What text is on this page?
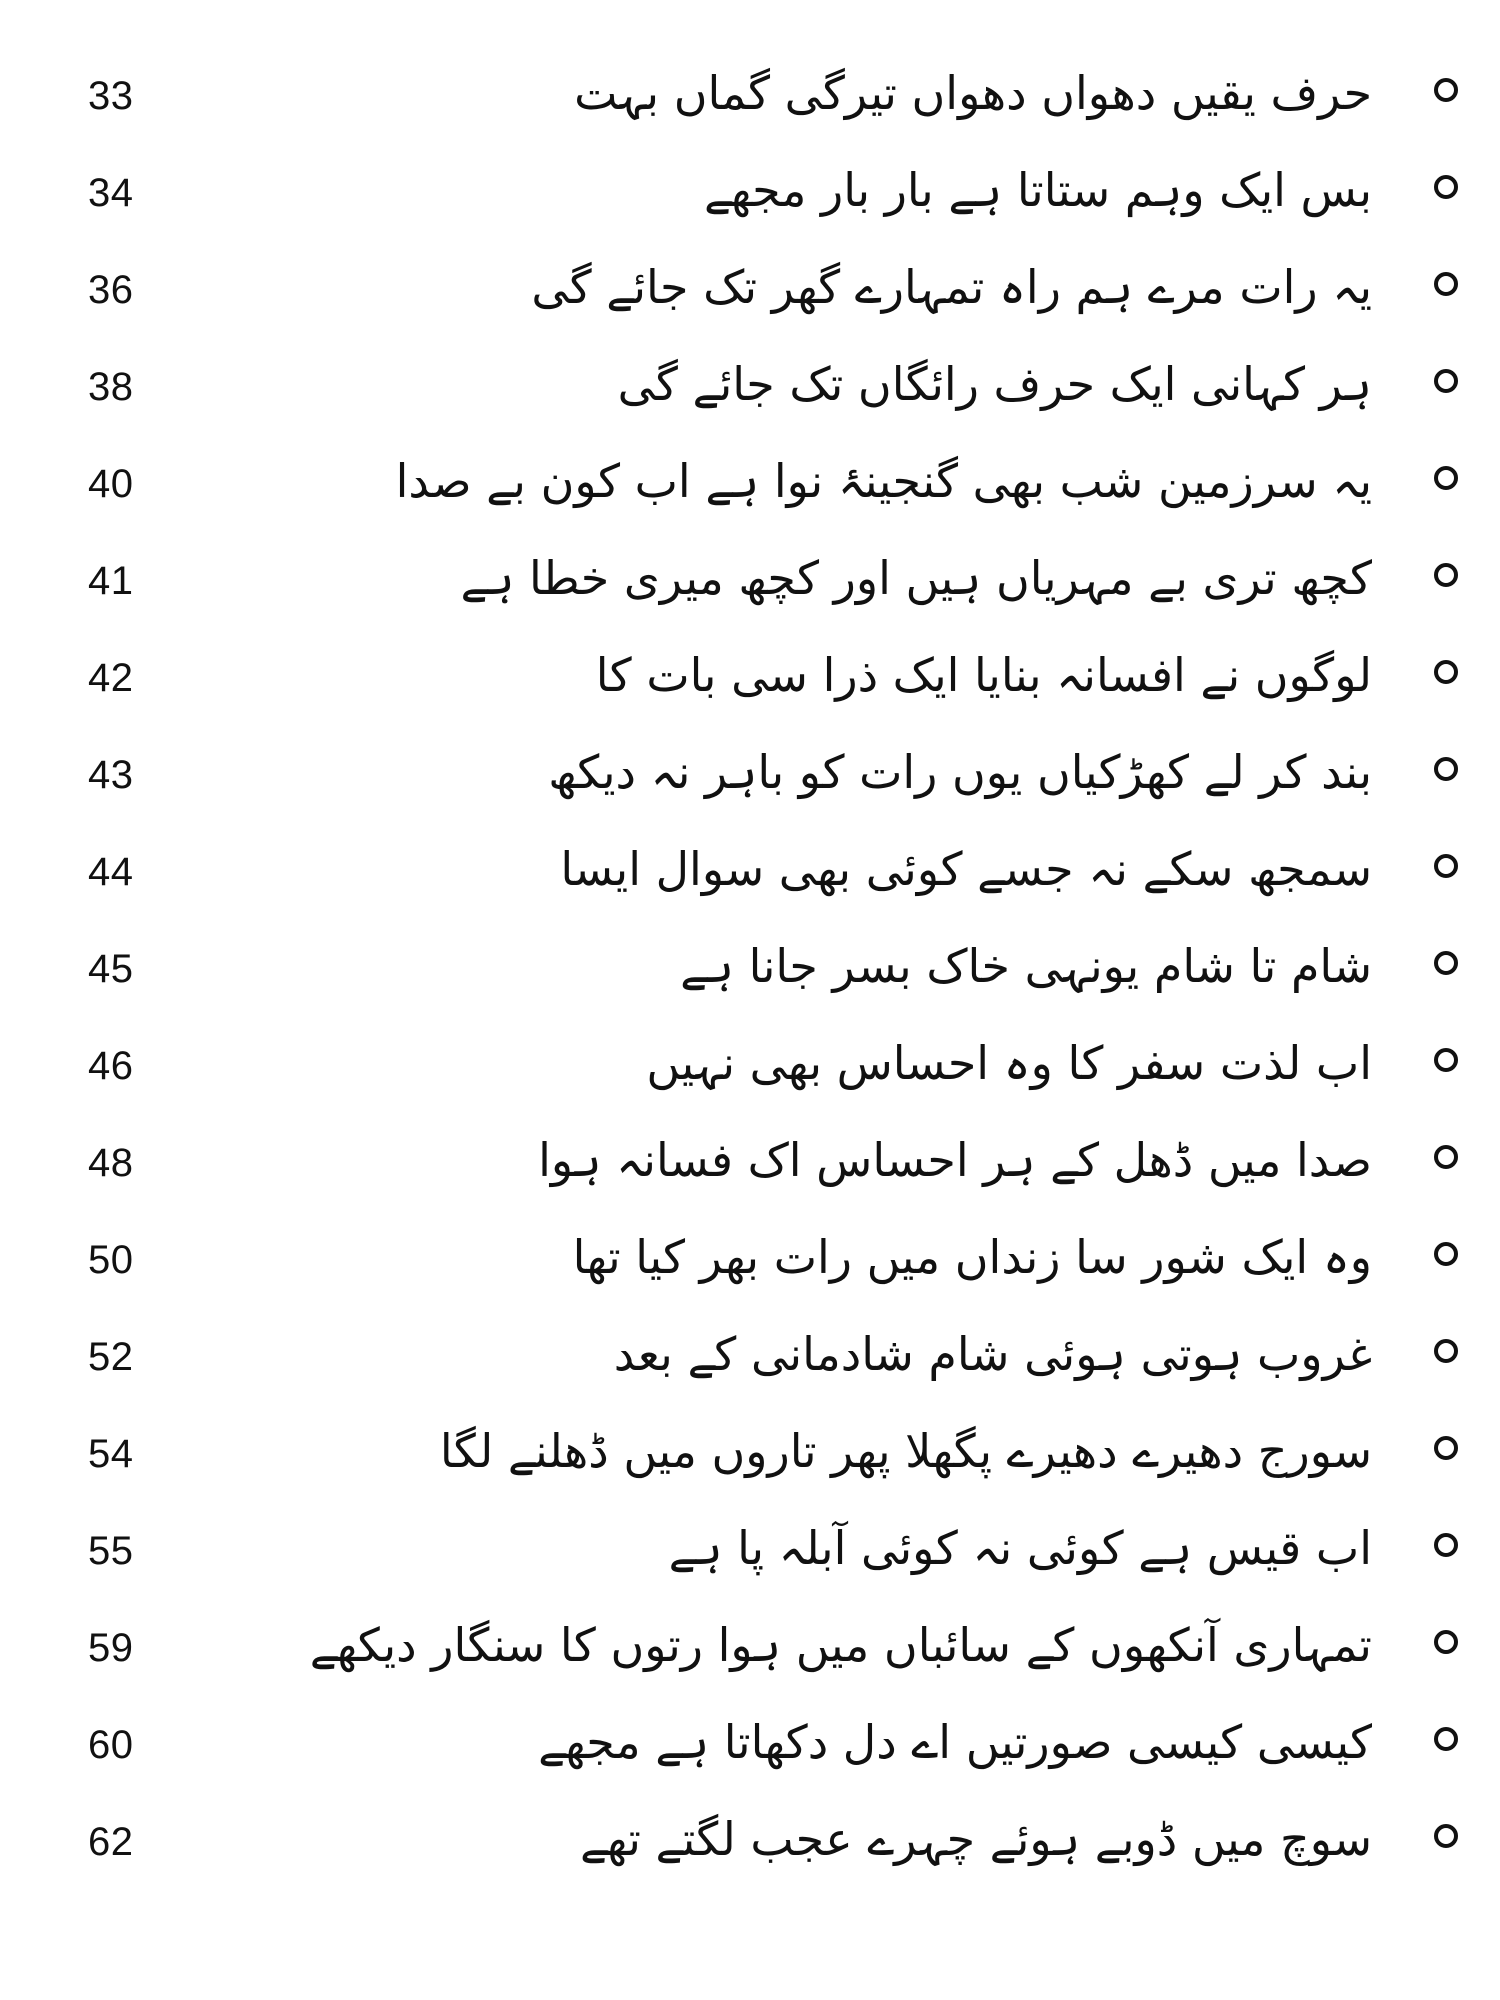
33	حرف یقیں دھواں دھواں تیرگی گماں بہت
34	بس ایک وہم ستاتا ہے بار بار مجھے
36	یہ رات مرے ہم راہ تمہارے گھر تک جائے گی
38	ہر کہانی ایک حرف رائگاں تک جائے گی
40	یہ سرزمین شب بھی گنجینۂ نوا ہے اب کون بے صدا
41	کچھ تری بے مہریاں ہیں اور کچھ میری خطا ہے
42	لوگوں نے افسانہ بنایا ایک ذرا سی بات کا
43	بند کر لے کھڑکیاں یوں رات کو باہر نہ دیکھ
44	سمجھ سکے نہ جسے کوئی بھی سوال ایسا
45	شام تا شام یونہی خاک بسر جانا ہے
46	اب لذت سفر کا وہ احساس بھی نہیں
48	صدا میں ڈھل کے ہر احساس اک فسانہ ہوا
50	وہ ایک شور سا زنداں میں رات بھر کیا تھا
52	غروب ہوتی ہوئی شام شادمانی کے بعد
54	سورج دھیرے دھیرے پگھلا پھر تاروں میں ڈھلنے لگا
55	اب قیس ہے کوئی نہ کوئی آبلہ پا ہے
59	تمہاری آنکھوں کے سائباں میں ہوا رتوں کا سنگار دیکھے
60	کیسی کیسی صورتیں اے دل دکھاتا ہے مجھے
62	سوچ میں ڈوبے ہوئے چہرے عجب لگتے تھے
